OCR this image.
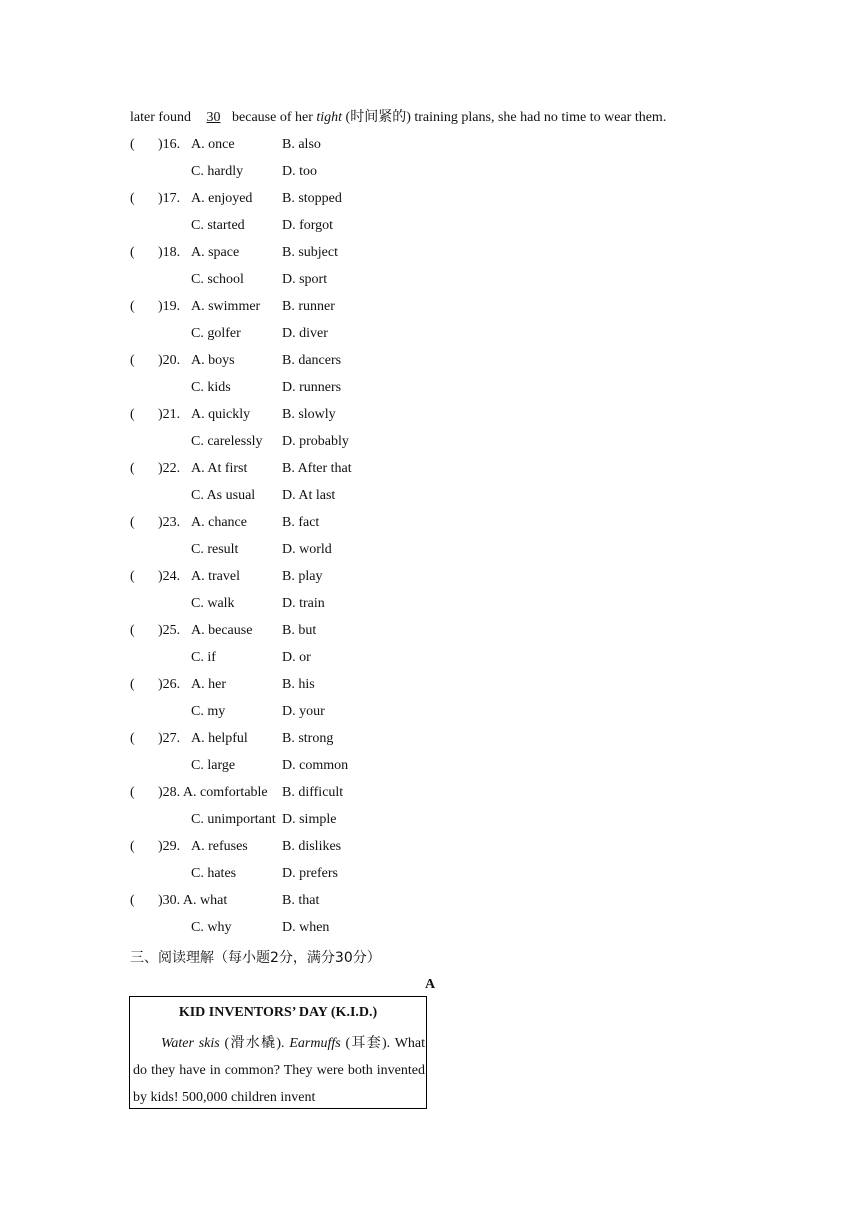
later found 30 because of her tight (时间紧的) training plans, she had no time to wear them.
( )16. A. once	B. also
C. hardly	D. too
( )17. A. enjoyed B. stopped
C. started	D. forgot
( )18. A. space	B. subject
C. school	D. sport
( )19. A. swimmer B. runner
C. golfer	D. diver
( )20. A. boys	B. dancers
C. kids	D. runners
( )21. A. quickly B. slowly
C. carelessly D. probably
( )22. A. At first B. After that
C. As usual D. At last
( )23. A. chance	B. fact
C. result	D. world
( )24. A. travel	B. play
C. walk	D. train
( )25. A. because B. but
C. if	D. or
( )26. A. her	B. his
C. my	D. your
( )27. A. helpful B. strong
C. large	D. common
( )28. A. comfortable B. difficult
C. unimportant D. simple
( )29. A. refuses B. dislikes
C. hates	D. prefers
( )30. A. what	B. that
C. why	D. when
三、阅读理解（每小题2分，满分30分）
A
KID INVENTORS’ DAY (K.I.D.)
Water skis (滑水橇). Earmuffs (耳套). What do they have in common? They were both invented by kids! 500,000 children invent
